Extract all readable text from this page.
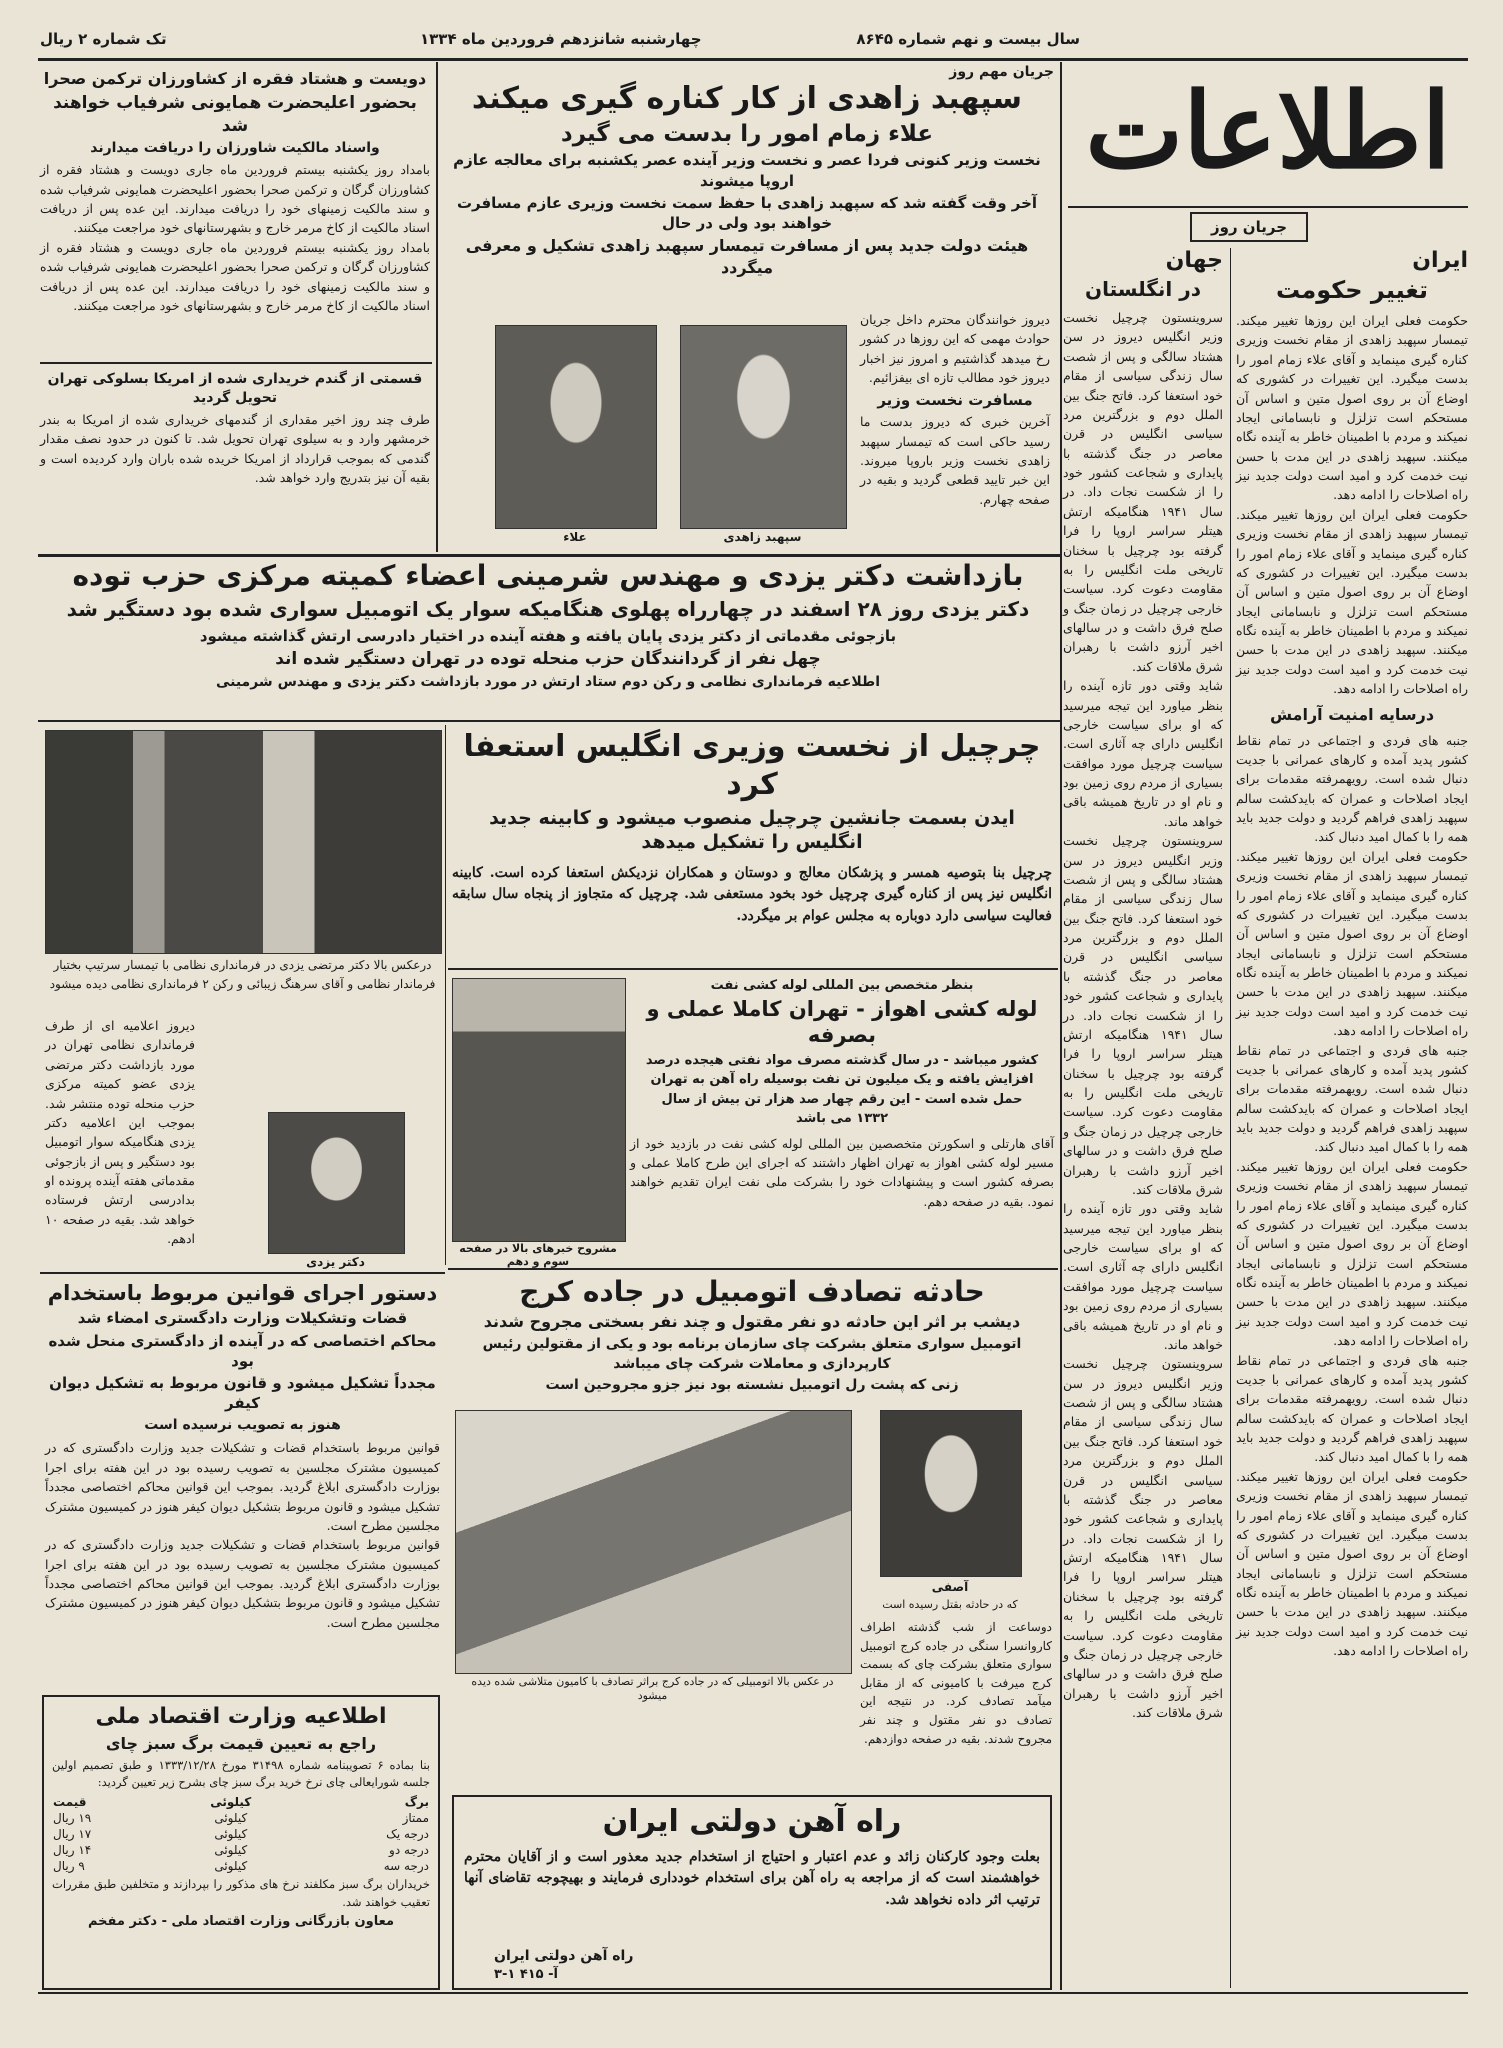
تک شماره ۲ ریال	چهارشنبه شانزدهم فروردین ماه ۱۳۳۴	سال بیست و نهم شماره ۸۶۴۵
اطلاعات
جریان روز
ایران
تغییر حکومت

حکومت فعلی ایران این روزها تغییر میکند. تیمسار سپهبد زاهدی از مقام نخست وزیری کناره گیری مینماید و آقای علاء زمام امور را بدست میگیرد. این تغییرات در کشوری که اوضاع آن بر روی اصول متین و اساس آن مستحکم است تزلزل و نابسامانی ایجاد نمیکند و مردم با اطمینان خاطر به آینده نگاه میکنند. سپهبد زاهدی در این مدت با حسن نیت خدمت کرد و امید است دولت جدید نیز راه اصلاحات را ادامه دهد.

حکومت فعلی ایران این روزها تغییر میکند. تیمسار سپهبد زاهدی از مقام نخست وزیری کناره گیری مینماید و آقای علاء زمام امور را بدست میگیرد. این تغییرات در کشوری که اوضاع آن بر روی اصول متین و اساس آن مستحکم است تزلزل و نابسامانی ایجاد نمیکند و مردم با اطمینان خاطر به آینده نگاه میکنند. سپهبد زاهدی در این مدت با حسن نیت خدمت کرد و امید است دولت جدید نیز راه اصلاحات را ادامه دهد.

درسایه امنیت آرامش

جنبه های فردی و اجتماعی در تمام نقاط کشور پدید آمده و کارهای عمرانی با جدیت دنبال شده است. رویهمرفته مقدمات برای ایجاد اصلاحات و عمران که بایدکشت سالم سپهبد زاهدی فراهم گردید و دولت جدید باید همه را با کمال امید دنبال کند.

حکومت فعلی ایران این روزها تغییر میکند. تیمسار سپهبد زاهدی از مقام نخست وزیری کناره گیری مینماید و آقای علاء زمام امور را بدست میگیرد. این تغییرات در کشوری که اوضاع آن بر روی اصول متین و اساس آن مستحکم است تزلزل و نابسامانی ایجاد نمیکند و مردم با اطمینان خاطر به آینده نگاه میکنند. سپهبد زاهدی در این مدت با حسن نیت خدمت کرد و امید است دولت جدید نیز راه اصلاحات را ادامه دهد.

جنبه های فردی و اجتماعی در تمام نقاط کشور پدید آمده و کارهای عمرانی با جدیت دنبال شده است. رویهمرفته مقدمات برای ایجاد اصلاحات و عمران که بایدکشت سالم سپهبد زاهدی فراهم گردید و دولت جدید باید همه را با کمال امید دنبال کند.

حکومت فعلی ایران این روزها تغییر میکند. تیمسار سپهبد زاهدی از مقام نخست وزیری کناره گیری مینماید و آقای علاء زمام امور را بدست میگیرد. این تغییرات در کشوری که اوضاع آن بر روی اصول متین و اساس آن مستحکم است تزلزل و نابسامانی ایجاد نمیکند و مردم با اطمینان خاطر به آینده نگاه میکنند. سپهبد زاهدی در این مدت با حسن نیت خدمت کرد و امید است دولت جدید نیز راه اصلاحات را ادامه دهد.

جنبه های فردی و اجتماعی در تمام نقاط کشور پدید آمده و کارهای عمرانی با جدیت دنبال شده است. رویهمرفته مقدمات برای ایجاد اصلاحات و عمران که بایدکشت سالم سپهبد زاهدی فراهم گردید و دولت جدید باید همه را با کمال امید دنبال کند.

حکومت فعلی ایران این روزها تغییر میکند. تیمسار سپهبد زاهدی از مقام نخست وزیری کناره گیری مینماید و آقای علاء زمام امور را بدست میگیرد. این تغییرات در کشوری که اوضاع آن بر روی اصول متین و اساس آن مستحکم است تزلزل و نابسامانی ایجاد نمیکند و مردم با اطمینان خاطر به آینده نگاه میکنند. سپهبد زاهدی در این مدت با حسن نیت خدمت کرد و امید است دولت جدید نیز راه اصلاحات را ادامه دهد.

جهان
در انگلستان

سروینستون چرچیل نخست وزیر انگلیس دیروز در سن هشتاد سالگی و پس از شصت سال زندگی سیاسی از مقام خود استعفا کرد. فاتح جنگ بین الملل دوم و بزرگترین مرد سیاسی انگلیس در قرن معاصر در جنگ گذشته با پایداری و شجاعت کشور خود را از شکست نجات داد. در سال ۱۹۴۱ هنگامیکه ارتش هیتلر سراسر اروپا را فرا گرفته بود چرچیل با سخنان تاریخی ملت انگلیس را به مقاومت دعوت کرد. سیاست خارجی چرچیل در زمان جنگ و صلح فرق داشت و در سالهای اخیر آرزو داشت با رهبران شرق ملاقات کند.

شاید وقتی دور تازه آینده را بنظر میاورد این تیجه میرسید که او برای سیاست خارجی انگلیس دارای چه آثاری است. سیاست چرچیل مورد موافقت بسیاری از مردم روی زمین بود و نام او در تاریخ همیشه باقی خواهد ماند.

سروینستون چرچیل نخست وزیر انگلیس دیروز در سن هشتاد سالگی و پس از شصت سال زندگی سیاسی از مقام خود استعفا کرد. فاتح جنگ بین الملل دوم و بزرگترین مرد سیاسی انگلیس در قرن معاصر در جنگ گذشته با پایداری و شجاعت کشور خود را از شکست نجات داد. در سال ۱۹۴۱ هنگامیکه ارتش هیتلر سراسر اروپا را فرا گرفته بود چرچیل با سخنان تاریخی ملت انگلیس را به مقاومت دعوت کرد. سیاست خارجی چرچیل در زمان جنگ و صلح فرق داشت و در سالهای اخیر آرزو داشت با رهبران شرق ملاقات کند.

شاید وقتی دور تازه آینده را بنظر میاورد این تیجه میرسید که او برای سیاست خارجی انگلیس دارای چه آثاری است. سیاست چرچیل مورد موافقت بسیاری از مردم روی زمین بود و نام او در تاریخ همیشه باقی خواهد ماند.

سروینستون چرچیل نخست وزیر انگلیس دیروز در سن هشتاد سالگی و پس از شصت سال زندگی سیاسی از مقام خود استعفا کرد. فاتح جنگ بین الملل دوم و بزرگترین مرد سیاسی انگلیس در قرن معاصر در جنگ گذشته با پایداری و شجاعت کشور خود را از شکست نجات داد. در سال ۱۹۴۱ هنگامیکه ارتش هیتلر سراسر اروپا را فرا گرفته بود چرچیل با سخنان تاریخی ملت انگلیس را به مقاومت دعوت کرد. سیاست خارجی چرچیل در زمان جنگ و صلح فرق داشت و در سالهای اخیر آرزو داشت با رهبران شرق ملاقات کند.

جریان مهم روز
سپهبد زاهدی از کار کناره گیری میکند
علاء زمام امور را بدست می گیرد
نخست وزیر کنونی فردا عصر و نخست وزیر آینده عصر یکشنبه برای معالجه عازم اروپا میشوند
آخر وقت گفته شد که سپهبد زاهدی با حفظ سمت نخست وزیری عازم مسافرت خواهند بود ولی در حال
هیئت دولت جدید پس از مسافرت تیمسار سپهبد زاهدی تشکیل و معرفی میگردد
سپهبد زاهدی
علاء

دیروز خوانندگان محترم داخل جریان حوادث مهمی که این روزها در کشور رخ میدهد گذاشتیم و امروز نیز اخبار دیروز خود مطالب تازه ای بیفزائیم.

مسافرت نخست وزیر

آخرین خبری که دیروز بدست ما رسید حاکی است که تیمسار سپهبد زاهدی نخست وزیر باروپا میروند. این خبر تایید قطعی گردید و بقیه در صفحه چهارم.

دویست و هشتاد فقره از کشاورزان ترکمن صحرا
بحضور اعلیحضرت همایونی شرفیاب خواهند شد
واسناد مالکیت شاورزان را دریافت میدارند

بامداد روز یکشنبه بیستم فروردین ماه جاری دویست و هشتاد فقره از کشاورزان گرگان و ترکمن صحرا بحضور اعلیحضرت همایونی شرفیاب شده و سند مالکیت زمینهای خود را دریافت میدارند. این عده پس از دریافت اسناد مالکیت از کاخ مرمر خارج و بشهرستانهای خود مراجعت میکنند.

بامداد روز یکشنبه بیستم فروردین ماه جاری دویست و هشتاد فقره از کشاورزان گرگان و ترکمن صحرا بحضور اعلیحضرت همایونی شرفیاب شده و سند مالکیت زمینهای خود را دریافت میدارند. این عده پس از دریافت اسناد مالکیت از کاخ مرمر خارج و بشهرستانهای خود مراجعت میکنند.

قسمتی از گندم خریداری شده از امریکا بسلوکی تهران تحویل گردید

طرف چند روز اخیر مقداری از گندمهای خریداری شده از امریکا به بندر خرمشهر وارد و به سیلوی تهران تحویل شد. تا کنون در حدود نصف مقدار گندمی که بموجب قرارداد از امریکا خریده شده باران وارد کردیده است و بقیه آن نیز بتدریج وارد خواهد شد.

بازداشت دکتر یزدی و مهندس شرمینی اعضاء کمیته مرکزی حزب توده
دکتر یزدی روز ۲۸ اسفند در چهارراه پهلوی هنگامیکه سوار یک اتومبیل سواری شده بود دستگیر شد
بازجوئی مقدماتی از دکتر یزدی پایان یافته و هفته آینده در اختیار دادرسی ارتش گذاشته میشود
چهل نفر از گردانندگان حزب منحله توده در تهران دستگیر شده اند
اطلاعیه فرمانداری نظامی و رکن دوم ستاد ارتش در مورد بازداشت دکتر یزدی و مهندس شرمینی

درعکس بالا دکتر مرتضی یزدی در فرمانداری نظامی با تیمسار سرتیپ بختیار فرماندار نظامی و آقای سرهنگ زیبائی و رکن ۲ فرمانداری نظامی دیده میشود

دیروز اعلامیه ای از طرف فرمانداری نظامی تهران در مورد بازداشت دکتر مرتضی یزدی عضو کمیته مرکزی حزب منحله توده منتشر شد. بموجب این اعلامیه دکتر یزدی هنگامیکه سوار اتومبیل بود دستگیر و پس از بازجوئی مقدماتی هفته آینده پرونده او بدادرسی ارتش فرستاده خواهد شد. بقیه در صفحه ۱۰ ادهم.

دکتر یزدی
چرچیل از نخست وزیری انگلیس استعفا کرد
ایدن بسمت جانشین چرچیل منصوب میشود و کابینه جدید
انگلیس را تشکیل میدهد

چرچیل بنا بتوصیه همسر و پزشکان معالج و دوستان و همکاران نزدیکش استعفا کرده است. کابینه انگلیس نیز پس از کناره گیری چرچیل خود بخود مستعفی شد. چرچیل که متجاوز از پنجاه سال سابقه فعالیت سیاسی دارد دوباره به مجلس عوام بر میگردد.

مشروح خبرهای بالا در صفحه سوم و دهم
بنظر متخصص بین المللی لوله کشی نفت
لوله کشی اهواز - تهران کاملا عملی و بصرفه
کشور میباشد - در سال گذشته مصرف مواد نفتی هیجده درصد
افزایش یافته و یک میلیون تن نفت بوسیله راه آهن به تهران
حمل شده است - این رقم چهار صد هزار تن بیش از سال
۱۳۳۲ می باشد

آقای هارتلی و اسکورتن متخصصین بین المللی لوله کشی نفت در بازدید خود از مسیر لوله کشی اهواز به تهران اظهار داشتند که اجرای این طرح کاملا عملی و بصرفه کشور است و پیشنهادات خود را بشرکت ملی نفت ایران تقدیم خواهند نمود. بقیه در صفحه دهم.

حادثه تصادف اتومبیل در جاده کرج
دیشب بر اثر این حادثه دو نفر مقتول و چند نفر بسختی مجروح شدند
اتومبیل سواری متعلق بشرکت چای سازمان برنامه بود و یکی از مقتولین رئیس
کارپردازی و معاملات شرکت چای میباشد
زنی که پشت رل اتومبیل نشسته بود نیز جزو مجروحین است
آصفی
که در حادثه بقتل رسیده است

در عکس بالا اتومبیلی که در جاده کرج براثر تصادف با کامیون متلاشی شده دیده میشود

دوساعت از شب گذشته اطراف کاروانسرا سنگی در جاده کرج اتومبیل سواری متعلق بشرکت چای که بسمت کرج میرفت با کامیونی که از مقابل میآمد تصادف کرد. در نتیجه این تصادف دو نفر مقتول و چند نفر مجروح شدند. بقیه در صفحه دوازدهم.

راه آهن دولتی ایران

بعلت وجود کارکنان زائد و عدم اعتبار و احتیاج از استخدام جدید معذور است و از آقایان محترم خواهشمند است که از مراجعه به راه آهن برای استخدام خودداری فرمایند و بهیچوجه تقاضای آنها ترتیب اثر داده نخواهد شد.

راه آهن دولتی ایران
آ- ۴۱۵ ۱-۳
دستور اجرای قوانین مربوط باستخدام
قضات وتشکیلات وزارت دادگستری امضاء شد
محاکم اختصاصی که در آینده از دادگستری منحل شده بود
مجدداً تشکیل میشود و قانون مربوط به تشکیل دیوان کیفر
هنوز به تصویب نرسیده است

قوانین مربوط باستخدام قضات و تشکیلات جدید وزارت دادگستری که در کمیسیون مشترک مجلسین به تصویب رسیده بود در این هفته برای اجرا بوزارت دادگستری ابلاغ گردید. بموجب این قوانین محاکم اختصاصی مجدداً تشکیل میشود و قانون مربوط بتشکیل دیوان کیفر هنوز در کمیسیون مشترک مجلسین مطرح است.

قوانین مربوط باستخدام قضات و تشکیلات جدید وزارت دادگستری که در کمیسیون مشترک مجلسین به تصویب رسیده بود در این هفته برای اجرا بوزارت دادگستری ابلاغ گردید. بموجب این قوانین محاکم اختصاصی مجدداً تشکیل میشود و قانون مربوط بتشکیل دیوان کیفر هنوز در کمیسیون مشترک مجلسین مطرح است.

اطلاعیه وزارت اقتصاد ملی
راجع به تعیین قیمت برگ سبز چای

بنا بماده ۶ تصویبنامه شماره ۳۱۴۹۸ مورخ ۱۳۳۳/۱۲/۲۸ و طبق تصمیم اولین جلسه شورایعالی چای نرخ خرید برگ سبز چای بشرح زیر تعیین گردید:

برگ	کیلوئی	قیمت
ممتاز	کیلوئی	۱۹ ریال
درجه یک	کیلوئی	۱۷ ریال
درجه دو	کیلوئی	۱۴ ریال
درجه سه	کیلوئی	۹ ریال

خریداران برگ سبز مکلفند نرخ های مذکور را بپردازند و متخلفین طبق مقررات تعقیب خواهند شد.

معاون بازرگانی وزارت اقتصاد ملی - دکتر مفخم
